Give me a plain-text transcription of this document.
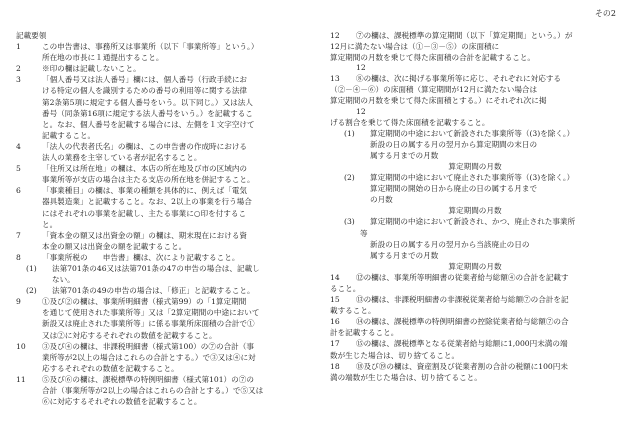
その2
記載要領
1	この申告書は、事務所又は事業所（以下「事業所等」という。）
所在地の市長に１通提出すること。
2	※印の欄は記載しないこと。
3	「個人番号又は法人番号」欄には、個人番号（行政手続にお
ける特定の個人を識別するための番号の利用等に関する法律
第2条第5項に規定する個人番号をいう。以下同じ。）又は法人
番号（同条第16項に規定する法人番号をいう。）を記載するこ
と。なお、個人番号を記載する場合には、左側を１文字空けて
記載すること。
4	「法人の代表者氏名」の欄は、この申告書の作成時における
法人の業務を主宰している者が記名すること。
5	「住所又は所在地」の欄は、本店の所在地及び市の区域内の
事業所等が支店の場合は主たる支店の所在地を併記すること。
6	「事業種目」の欄は、事業の種類を具体的に、例えば「電気
器具製造業」と記載すること。なお、2以上の事業を行う場合
にはそれぞれの事業を記載し、主たる事業に○印を付するこ
と。
7	「資本金の額又は出資金の額」の欄は、期末現在における資
本金の額又は出資金の額を記載すること。
8	「事業所税の　　申告書」欄は、次により記載すること。
(1) 法第701条の46又は法第701条の47の申告の場合は、記載し
ない。
(2) 法第701条の49の申告の場合は、「修正」と記載すること。
9	①及び②の欄は、事業所明細書（様式第99）の「1算定期間
を通じて使用された事業所等」又は「2算定期間の中途において
新設又は廃止された事業所等」に係る事業所床面積の合計で①
又は②に対応するそれぞれの数値を記載すること。
10 ③及び④の欄は、非課税明細書（様式第100）の⑦の合計（事
業所等が2以上の場合はこれらの合計とする。）で③又は④に対
応するそれぞれの数値を記載すること。
11 ⑤及び⑥の欄は、課税標準の特例明細書（様式第101）の⑦の
合計（事業所等が2以上の場合はこれらの合計とする。）で⑤又は
⑥に対応するそれぞれの数値を記載すること。
12 ⑦の欄は、課税標準の算定期間（以下「算定期間」という。）が
12月に満たない場合は（①－③－⑤）の床面積に
算定期間の月数を乗じて得た床面積の合計を記載すること。
12
13 ⑧の欄は、次に掲げる事業所等に応じ、それぞれに対応する
（②－④－⑥）の床面積（算定期間が12月に満たない場合は
算定期間の月数を乗じて得た床面積とする。）にそれぞれ次に掲
12
げる割合を乗じて得た床面積を記載すること。
(1) 算定期間の中途において新設された事業所等（(3)を除く。）
新設の日の属する月の翌月から算定期間の末日の
属する月までの月数
算定期間の月数
(2) 算定期間の中途において廃止された事業所等（(3)を除く。）
算定期間の開始の日から廃止の日の属する月まで
の月数
算定期間の月数
(3) 算定期間の中途において新設され、かつ、廃止された事業所
等
新設の日の属する月の翌月から当該廃止の日の
属する月までの月数
算定期間の月数
14 ⑫の欄は、事業所等明細書の従業者給与総額④の合計を記載す
ること。
15 ⑬の欄は、非課税明細書の非課税従業者給与総額⑦の合計を記
載すること。
16 ⑭の欄は、課税標準の特例明細書の控除従業者給与総額⑦の合
計を記載すること。
17 ⑮の欄は、課税標準となる従業者給与総額に1,000円未満の端
数が生じた場合は、切り捨てること。
18 ⑱及び⑲の欄は、資産割及び従業者割の合計の税額に100円未
満の端数が生じた場合は、切り捨てること。
